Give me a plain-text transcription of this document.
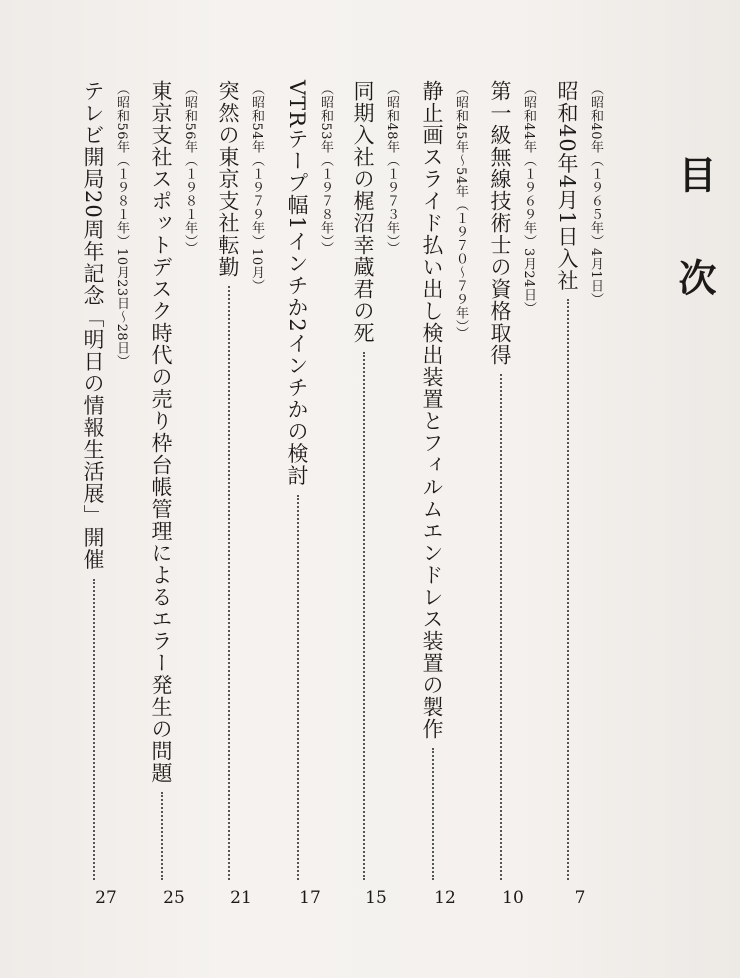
目 次
昭和40年4月1日入社 （昭和40年（１９６５年）4月1日）
7
第一級無線技術士の資格取得 （昭和44年（１９６９年）3月24日）
10
静止画スライド払い出し検出装置とフィルムエンドレス装置の製作 （昭和45年～54年（１９７０～７９年））
12
同期入社の梶沼幸蔵君の死 （昭和48年（１９７３年））
15
VTRテープ幅1インチか2インチかの検討 （昭和53年（１９７８年））
17
突然の東京支社転勤 （昭和54年（１９７９年）10月）
21
東京支社スポットデスク時代の売り枠台帳管理によるエラー発生の問題 （昭和56年（１９８１年））
25
テレビ開局20周年記念「明日の情報生活展」開催 （昭和56年（１９８１年）10月23日～28日）
27
